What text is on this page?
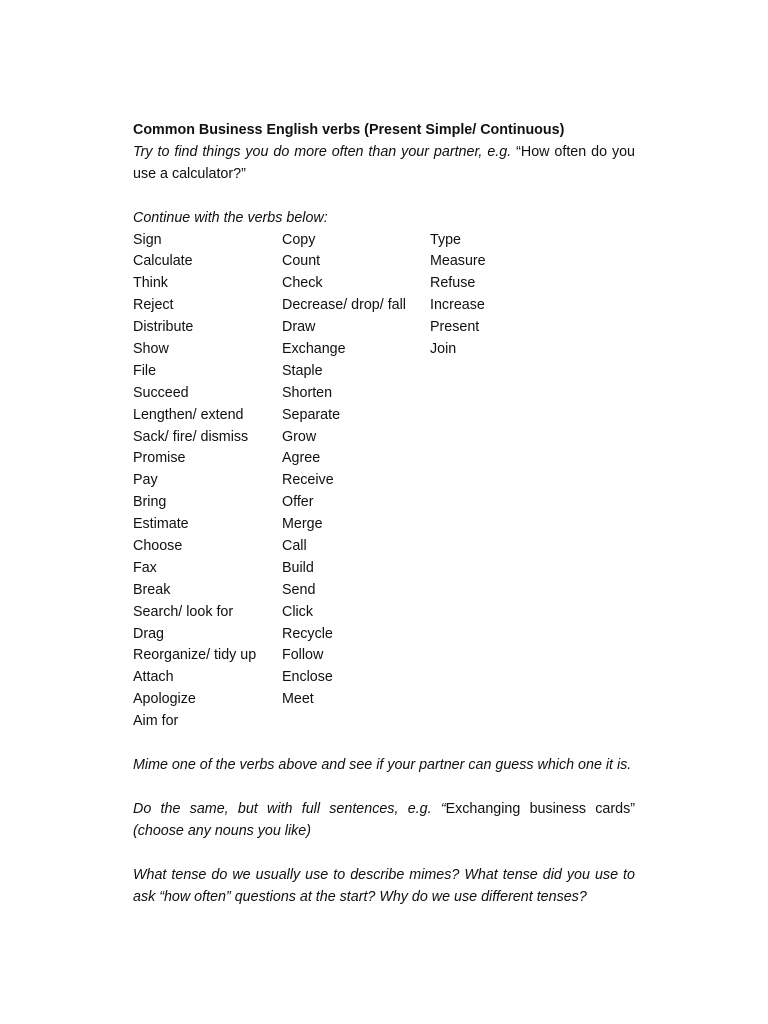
Common Business English verbs (Present Simple/ Continuous)

Try to find things you do more often than your partner, e.g. “How often do you use a calculator?”

Continue with the verbs below:

Sign
Calculate
Think
Reject
Distribute
Show
File
Succeed
Lengthen/ extend
Sack/ fire/ dismiss
Promise
Pay
Bring
Estimate
Choose
Fax
Break
Search/ look for
Drag
Reorganize/ tidy up
Attach
Apologize
Aim for
Copy
Count
Check
Decrease/ drop/ fall
Draw
Exchange
Staple
Shorten
Separate
Grow
Agree
Receive
Offer
Merge
Call
Build
Send
Click
Recycle
Follow
Enclose
Meet
Type
Measure
Refuse
Increase
Present
Join

Mime one of the verbs above and see if your partner can guess which one it is.

Do the same, but with full sentences, e.g. “Exchanging business cards” (choose any nouns you like)

What tense do we usually use to describe mimes? What tense did you use to ask “how often” questions at the start? Why do we use different tenses?
